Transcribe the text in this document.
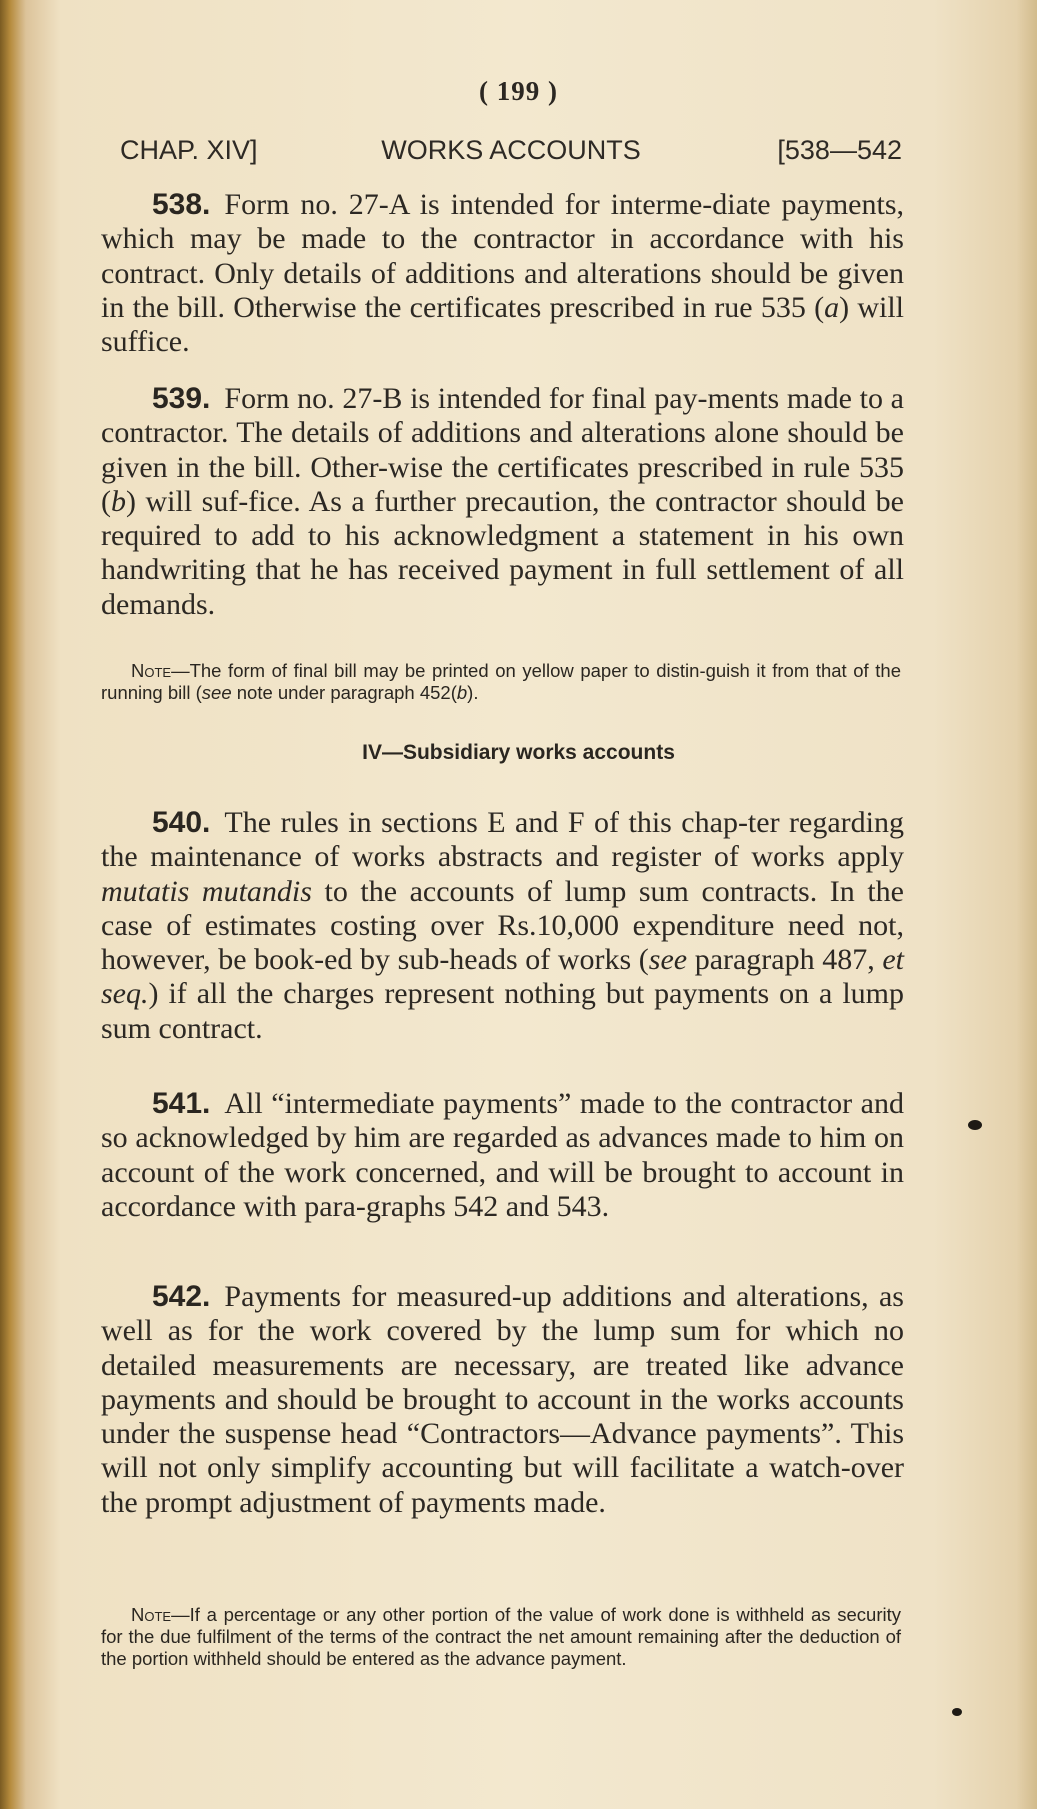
( 199 )
CHAP. XIV]	WORKS ACCOUNTS	[538—542

538. Form no. 27-A is intended for interme-diate payments, which may be made to the contractor in accordance with his contract. Only details of additions and alterations should be given in the bill. Otherwise the certificates prescribed in rue 535 (a) will suffice.

539. Form no. 27-B is intended for final pay-ments made to a contractor. The details of additions and alterations alone should be given in the bill. Other-wise the certificates prescribed in rule 535 (b) will suf-fice. As a further precaution, the contractor should be required to add to his acknowledgment a statement in his own handwriting that he has received payment in full settlement of all demands.

Note—The form of final bill may be printed on yellow paper to distin-guish it from that of the running bill (see note under paragraph 452(b).

IV—Subsidiary works accounts

540. The rules in sections E and F of this chap-ter regarding the maintenance of works abstracts and register of works apply mutatis mutandis to the accounts of lump sum contracts. In the case of estimates costing over Rs.10,000 expenditure need not, however, be book-ed by sub-heads of works (see paragraph 487, et seq.) if all the charges represent nothing but payments on a lump sum contract.

541. All “intermediate payments” made to the contractor and so acknowledged by him are regarded as advances made to him on account of the work concerned, and will be brought to account in accordance with para-graphs 542 and 543.

542. Payments for measured-up additions and alterations, as well as for the work covered by the lump sum for which no detailed measurements are necessary, are treated like advance payments and should be brought to account in the works accounts under the suspense head “Contractors—Advance payments”. This will not only simplify accounting but will facilitate a watch-over the prompt adjustment of payments made.

Note—If a percentage or any other portion of the value of work done is withheld as security for the due fulfilment of the terms of the contract the net amount remaining after the deduction of the portion withheld should be entered as the advance payment.
